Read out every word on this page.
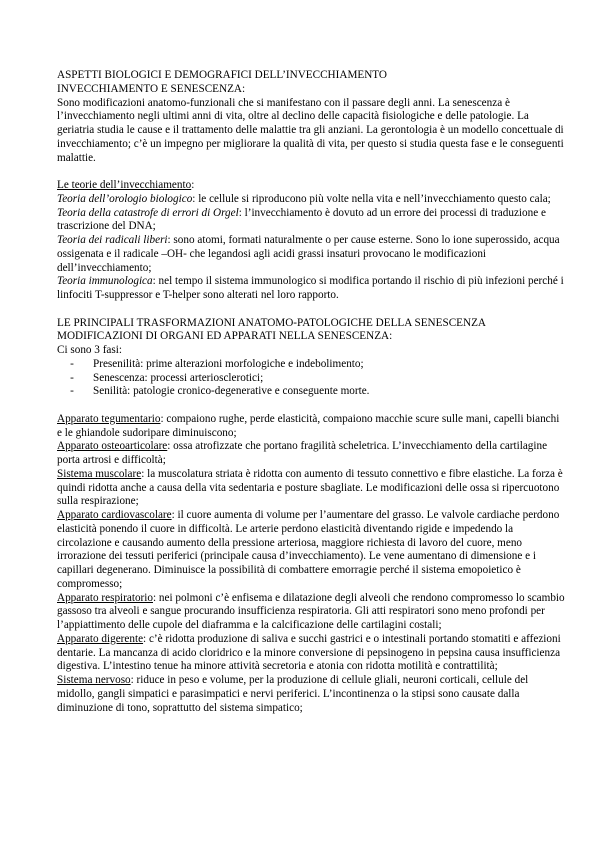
ASPETTI BIOLOGICI E DEMOGRAFICI DELL’INVECCHIAMENTO
INVECCHIAMENTO E SENESCENZA:

Sono modificazioni anatomo-funzionali che si manifestano con il passare degli anni. La senescenza è l’invecchiamento negli ultimi anni di vita, oltre al declino delle capacità fisiologiche e delle patologie. La geriatria studia le cause e il trattamento delle malattie tra gli anziani. La gerontologia è un modello concettuale di invecchiamento; c’è un impegno per migliorare la qualità di vita, per questo si studia questa fase e le conseguenti malattie.

Le teorie dell’invecchiamento:

Teoria dell’orologio biologico: le cellule si riproducono più volte nella vita e nell’invecchiamento questo cala;

Teoria della catastrofe di errori di Orgel: l’invecchiamento è dovuto ad un errore dei processi di traduzione e trascrizione del DNA;

Teoria dei radicali liberi: sono atomi, formati naturalmente o per cause esterne. Sono lo ione superossido, acqua ossigenata e il radicale –OH- che legandosi agli acidi grassi insaturi provocano le modificazioni dell’invecchiamento;

Teoria immunologica: nel tempo il sistema immunologico si modifica portando il rischio di più infezioni perché i linfociti T-suppressor e T-helper sono alterati nel loro rapporto.

LE PRINCIPALI TRASFORMAZIONI ANATOMO-PATOLOGICHE DELLA SENESCENZA
MODIFICAZIONI DI ORGANI ED APPARATI NELLA SENESCENZA:

Ci sono 3 fasi:

-	Presenilità: prime alterazioni morfologiche e indebolimento;
-	Senescenza: processi arteriosclerotici;
-	Senilità: patologie cronico-degenerative e conseguente morte.

Apparato tegumentario: compaiono rughe, perde elasticità, compaiono macchie scure sulle mani, capelli bianchi e le ghiandole sudoripare diminuiscono;

Apparato osteoarticolare: ossa atrofizzate che portano fragilità scheletrica. L’invecchiamento della cartilagine porta artrosi e difficoltà;

Sistema muscolare: la muscolatura striata è ridotta con aumento di tessuto connettivo e fibre elastiche. La forza è quindi ridotta anche a causa della vita sedentaria e posture sbagliate. Le modificazioni delle ossa si ripercuotono sulla respirazione;

Apparato cardiovascolare: il cuore aumenta di volume per l’aumentare del grasso. Le valvole cardiache perdono elasticità ponendo il cuore in difficoltà. Le arterie perdono elasticità diventando rigide e impedendo la circolazione e causando aumento della pressione arteriosa, maggiore richiesta di lavoro del cuore, meno irrorazione dei tessuti periferici (principale causa d’invecchiamento). Le vene aumentano di dimensione e i capillari degenerano. Diminuisce la possibilità di combattere emorragie perché il sistema emopoietico è compromesso;

Apparato respiratorio: nei polmoni c’è enfisema e dilatazione degli alveoli che rendono compromesso lo scambio gassoso tra alveoli e sangue procurando insufficienza respiratoria. Gli atti respiratori sono meno profondi per l’appiattimento delle cupole del diaframma e la calcificazione delle cartilagini costali;

Apparato digerente: c’è ridotta produzione di saliva e succhi gastrici e o intestinali portando stomatiti e affezioni dentarie. La mancanza di acido cloridrico e la minore conversione di pepsinogeno in pepsina causa insufficienza digestiva. L’intestino tenue ha minore attività secretoria e atonia con ridotta motilità e contrattilità;

Sistema nervoso: riduce in peso e volume, per la produzione di cellule gliali, neuroni corticali, cellule del midollo, gangli simpatici e parasimpatici e nervi periferici. L’incontinenza o la stipsi sono causate dalla diminuzione di tono, soprattutto del sistema simpatico;
